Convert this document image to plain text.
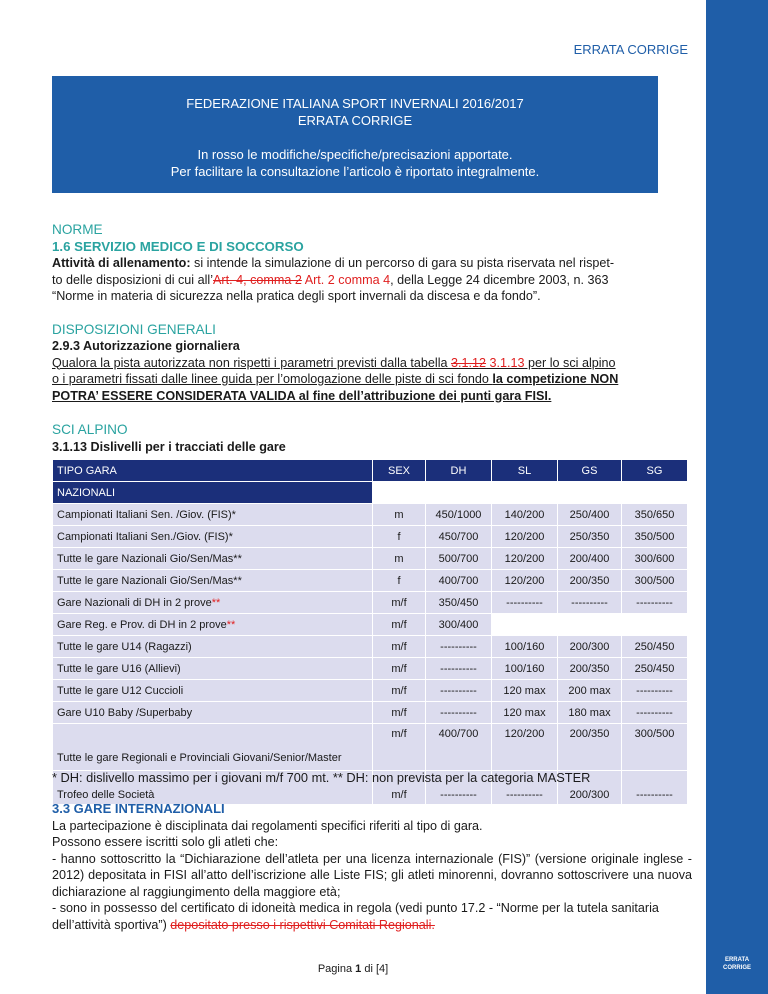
ERRATA CORRIGE
ERRATA CORRIGE
FEDERAZIONE ITALIANA SPORT INVERNALI 2016/2017
ERRATA CORRIGE
In rosso le modifiche/specifiche/precisazioni apportate.
Per facilitare la consultazione l’articolo è riportato integralmente.
NORME
1.6 SERVIZIO MEDICO E DI SOCCORSO
Attività di allenamento: si intende la simulazione di un percorso di gara su pista riservata nel rispet-
to delle disposizioni di cui all’Art. 4, comma 2 Art. 2 comma 4, della Legge 24 dicembre 2003, n. 363
“Norme in materia di sicurezza nella pratica degli sport invernali da discesa e da fondo”.
DISPOSIZIONI GENERALI
2.9.3 Autorizzazione giornaliera
Qualora la pista autorizzata non rispetti i parametri previsti dalla tabella 3.1.12 3.1.13 per lo sci alpino
o i parametri fissati dalle linee guida per l’omologazione delle piste di sci fondo la competizione NON
POTRA’ ESSERE CONSIDERATA VALIDA al fine dell’attribuzione dei punti gara FISI.
SCI ALPINO
3.1.13 Dislivelli per i tracciati delle gare
TIPO GARA	SEX	DH	SL	GS	SG
NAZIONALI					
Campionati Italiani Sen. /Giov. (FIS)*	m	450/1000	140/200	250/400	350/650
Campionati Italiani Sen./Giov. (FIS)*	f	450/700	120/200	250/350	350/500
Tutte le gare Nazionali Gio/Sen/Mas**	m	500/700	120/200	200/400	300/600
Tutte le gare Nazionali Gio/Sen/Mas**	f	400/700	120/200	200/350	300/500
Gare Nazionali di DH in 2 prove**	m/f	350/450	----------	----------	----------
Gare Reg. e Prov. di DH in 2 prove**	m/f	300/400			
Tutte le gare U14 (Ragazzi)	m/f	----------	100/160	200/300	250/450
Tutte le gare U16 (Allievi)	m/f	----------	100/160	200/350	250/450
Tutte le gare U12 Cuccioli	m/f	----------	120 max	200 max	----------
Gare U10 Baby /Superbaby	m/f	----------	120 max	180 max	----------
Tutte le gare Regionali e Provinciali Giovani/Senior/Master	m/f	400/700	120/200	200/350	300/500
Trofeo delle Società	m/f	----------	----------	200/300	----------
* DH: dislivello massimo per i giovani m/f 700 mt. ** DH: non prevista per la categoria MASTER
3.3 GARE INTERNAZIONALI
La partecipazione è disciplinata dai regolamenti specifici riferiti al tipo di gara.
Possono essere iscritti solo gli atleti che:
- hanno sottoscritto la “Dichiarazione dell’atleta per una licenza internazionale (FIS)” (versione originale inglese - 2012) depositata in FISI all’atto dell’iscrizione alle Liste FIS; gli atleti minorenni, dovranno sottoscrivere una nuova dichiarazione al raggiungimento della maggiore età;
- sono in possesso del certificato di idoneità medica in regola (vedi punto 17.2 - “Norme per la tutela sanitaria dell’attività sportiva”) depositato presso i rispettivi Comitati Regionali.
Pagina 1 di [4]
